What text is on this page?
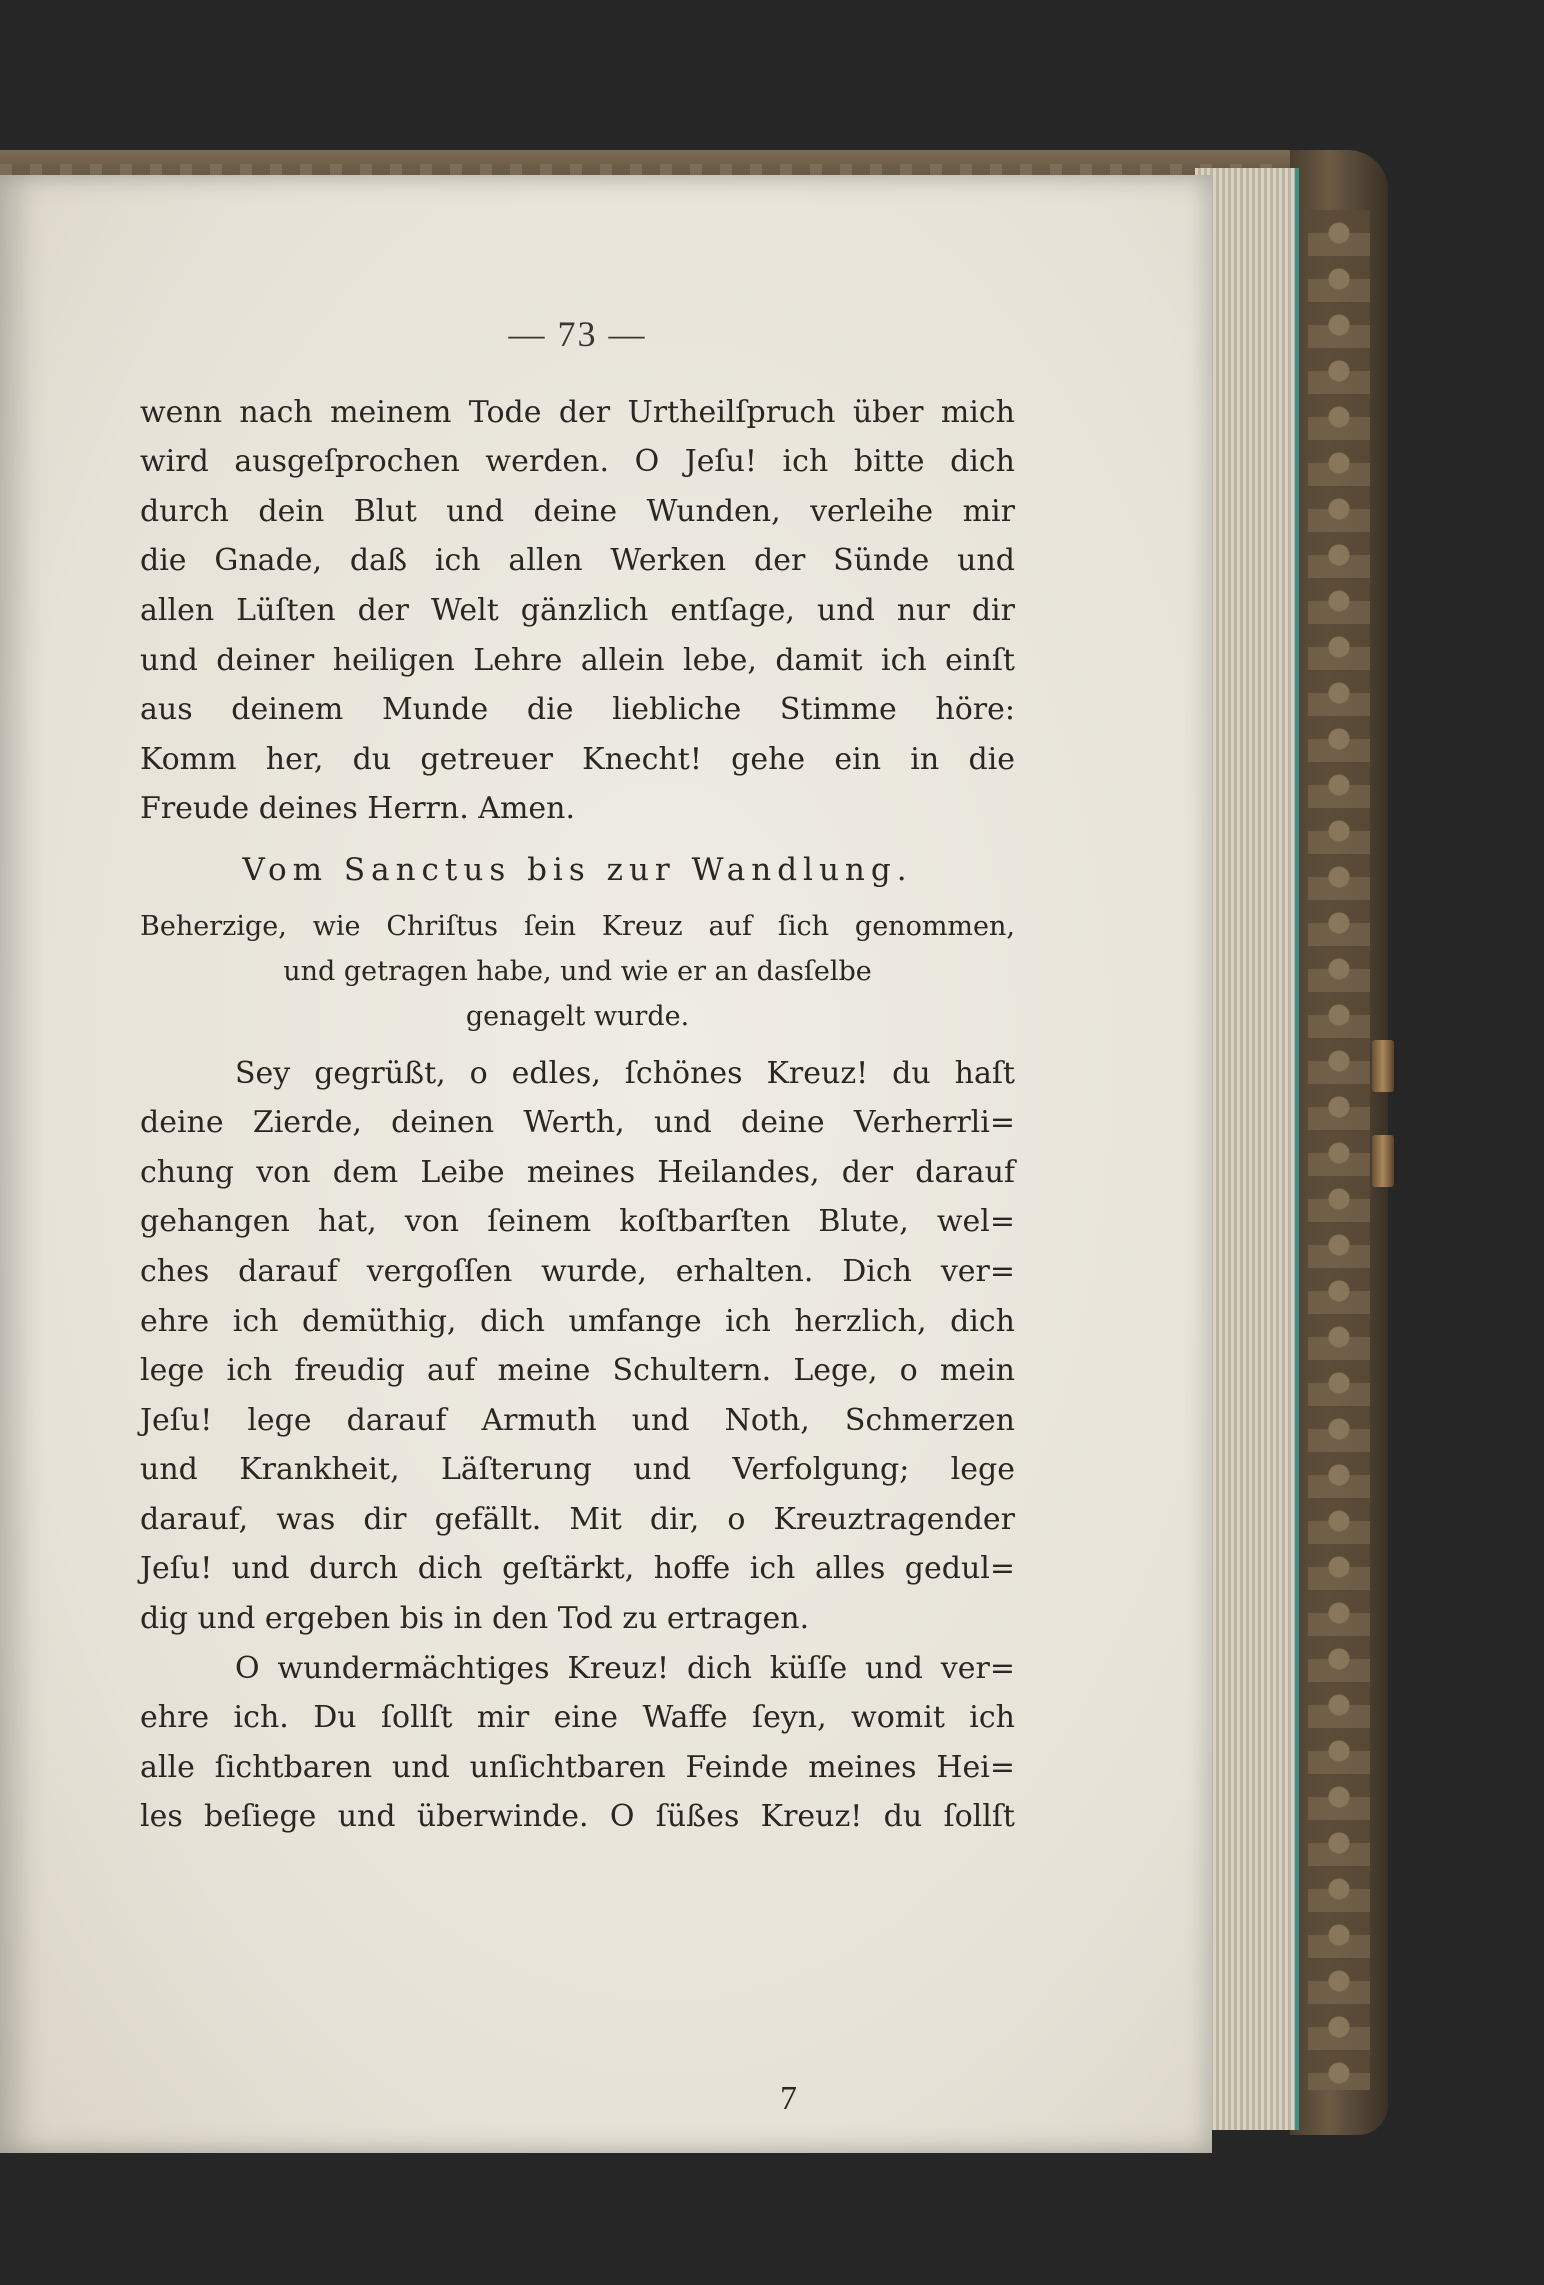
— 73 —
wenn nach meinem Tode der Urtheilſpruch über mich
wird ausgeſprochen werden. O Jeſu! ich bitte dich
durch dein Blut und deine Wunden, verleihe mir
die Gnade, daß ich allen Werken der Sünde und
allen Lüſten der Welt gänzlich entſage, und nur dir
und deiner heiligen Lehre allein lebe, damit ich einſt
aus deinem Munde die liebliche Stimme höre:
Komm her, du getreuer Knecht! gehe ein in die
Freude deines Herrn. Amen.
Vom Sanctus bis zur Wandlung.
Beherzige, wie Chriſtus ſein Kreuz auf ſich genommen,
und getragen habe, und wie er an dasſelbe
genagelt wurde.
Sey gegrüßt, o edles, ſchönes Kreuz! du haſt
deine Zierde, deinen Werth, und deine Verherrli=
chung von dem Leibe meines Heilandes, der darauf
gehangen hat, von ſeinem koſtbarſten Blute, wel=
ches darauf vergoſſen wurde, erhalten. Dich ver=
ehre ich demüthig, dich umfange ich herzlich, dich
lege ich freudig auf meine Schultern. Lege, o mein
Jeſu! lege darauf Armuth und Noth, Schmerzen
und Krankheit, Läſterung und Verfolgung; lege
darauf, was dir gefällt. Mit dir, o Kreuztragender
Jeſu! und durch dich geſtärkt, hoffe ich alles gedul=
dig und ergeben bis in den Tod zu ertragen.
O wundermächtiges Kreuz! dich küſſe und ver=
ehre ich. Du ſollſt mir eine Waffe ſeyn, womit ich
alle ſichtbaren und unſichtbaren Feinde meines Hei=
les beſiege und überwinde. O ſüßes Kreuz! du ſollſt
7
